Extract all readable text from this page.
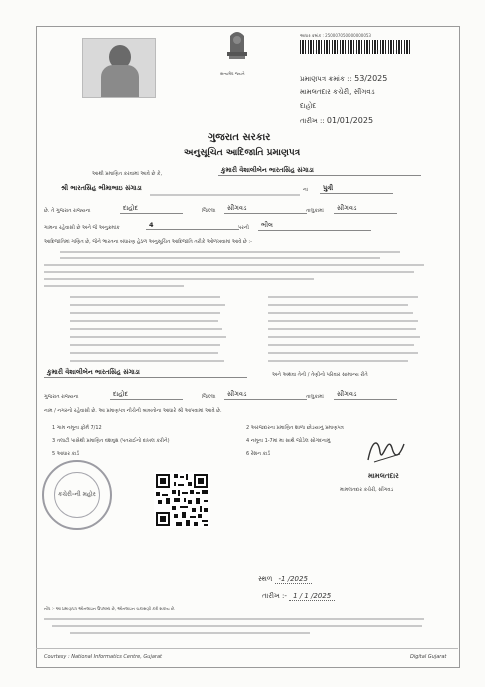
સત્યમેવ જયતે
આધાર ક્રમાંક : 250007050000000053
પ્રમાણપત્ર ક્રમાંક :: 53/2025
મામલતદાર કચેરી, સીંગવડ
દાહોદ
તારીખ :: 01/01/2025
ગુજરાત સરકાર
અનુસૂચિત આદિજાતિ પ્રમાણપત્ર
આથી પ્રમાણિત કરવામાં આવે છે કે,	કુમારી વૈશાલીબેન ભારતસિંહ સંગાડા
શ્રી ભારતસિંહ ભીમાભાઇ સંગાડા	ના	પુત્રી
છે. તે ગુજરાત રાજ્યના	દાહોદ	જિલ્લા	સીંગવડ	તાલુકામાં	સીંગવડ
ગામના રહેવાસી છે અને જે અનુક્રમાંક	4	પરની	ભીલ
આદિજાતિમાં ગણિત છે, જેને ભારતના બંધારણ હેઠળ અનુસૂચિત આદિજાતિ તરીકે ઓળખવામાં આવે છે :-
કુમારી વૈશાલીબેન ભારતસિંહ સંગાડા	અને અથવા તેની / તેણીનો પરિવાર સામાન્ય રીતે
ગુજરાત રાજ્યના	દાહોદ	જિલ્લા	સીંગવડ	તાલુકામાં	સીંગવડ
નામ / નગરનો રહેવાસી છે. આ પ્રમાણપત્ર નીચેની બાબતોના આધારે શ્રી આપવામાં આવે છે.
1 ગામ નમૂના ફોર્મ 7/12	2 અરજદારના પ્રમાણિત શાળા છોડયાનું પ્રમાણપત્ર
3 તલાટી પાસેથી પ્રમાણિત વંશવૃક્ષ (પતરાઈનો દાખલ કરીને)	4 નમૂના 1-7માં મા સાથે જોડેલ સોગંદનામું
5 આધાર કાર્ડ	6 રેશન કાર્ડ
કચેરી-ની મહોર
મામલતદાર
મામલતદાર કચેરી, સીંગવડ
સ્થળ -1 /2025
તારીખ :- 1 / 1 /2025
નોંધ :- આ પ્રમાણપત્ર ઓનલાઇન ઉપલબ્ધ છે, ઓનલાઇન ચકાસણી કરી શકાય છે.
Courtesy : National Informatics Centre, Gujarat	Digital Gujarat
